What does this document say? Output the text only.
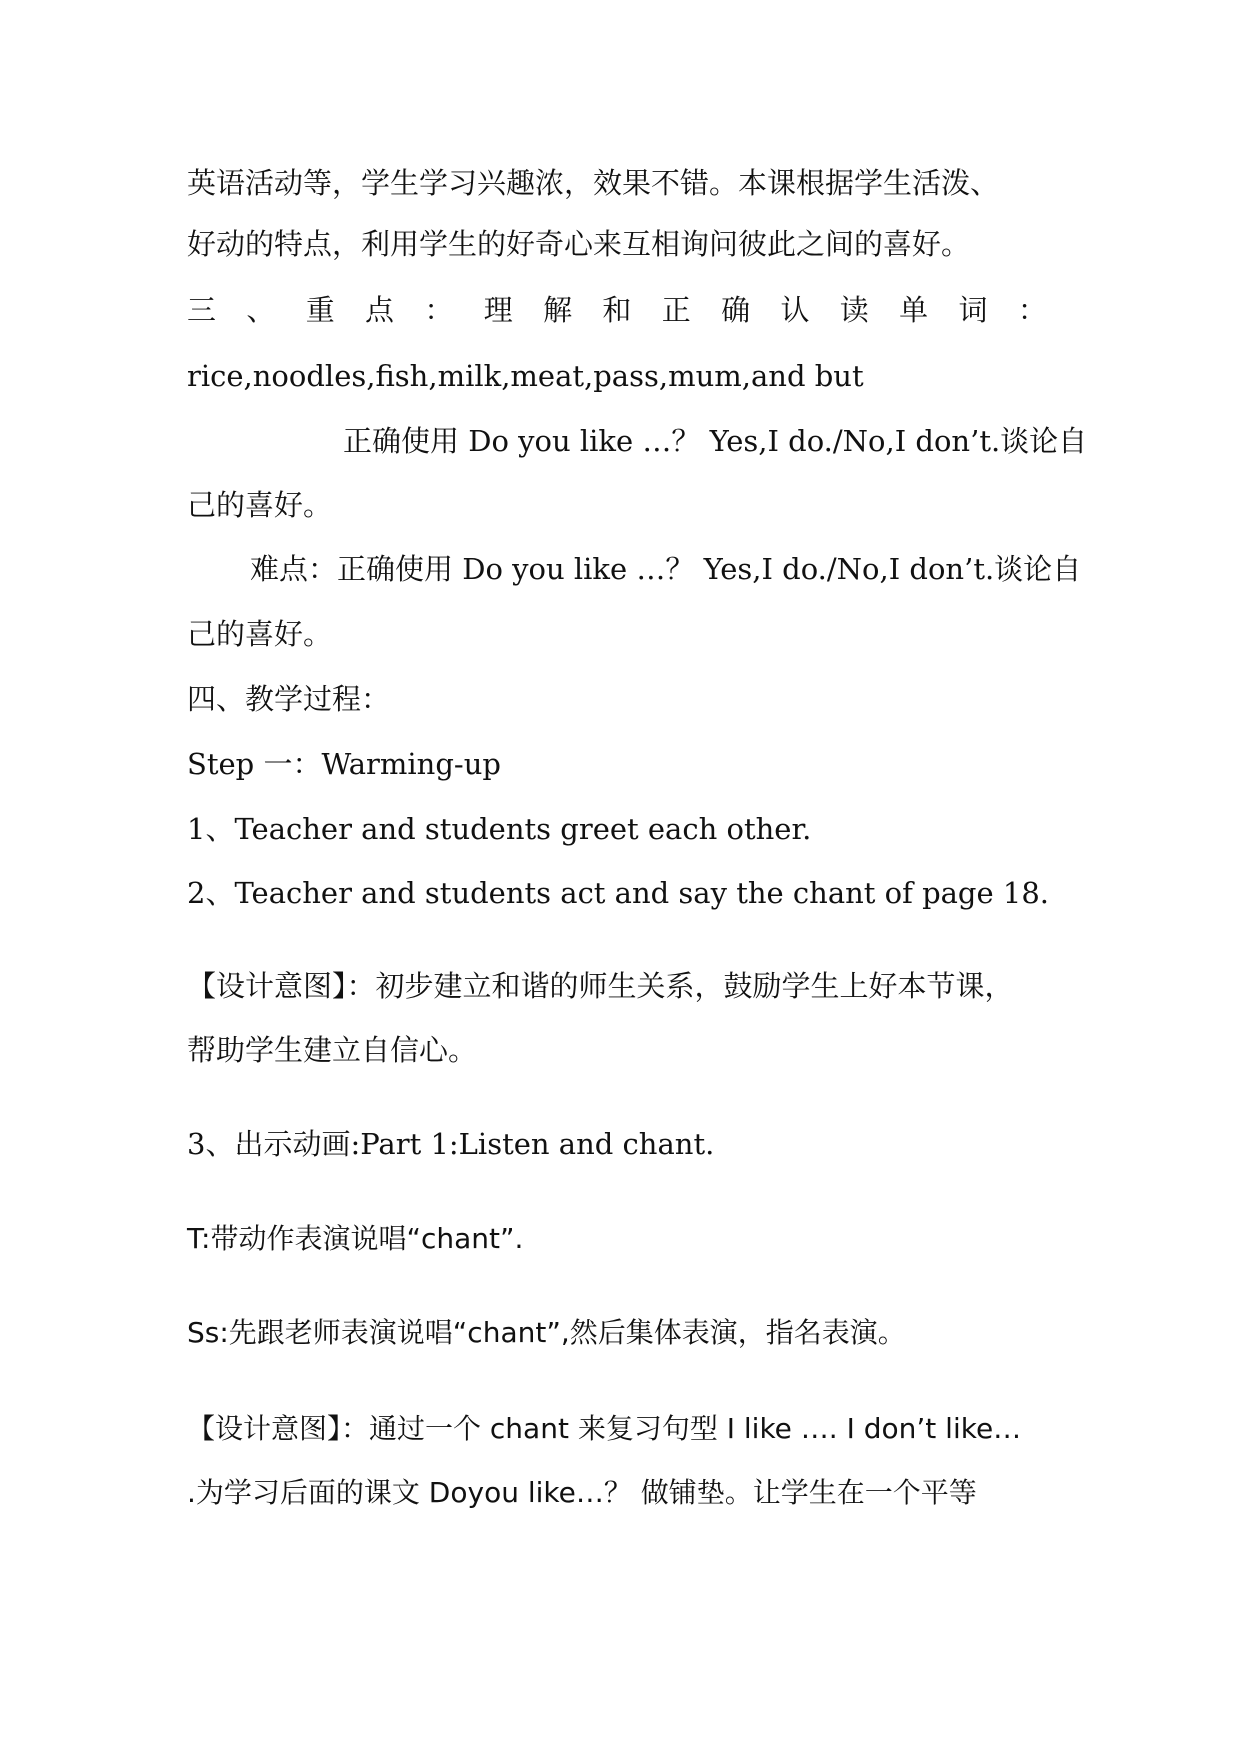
英语活动等，学生学习兴趣浓，效果不错。本课根据学生活泼、
好动的特点，利用学生的好奇心来互相询问彼此之间的喜好。
三 、 重 点 ： 理 解 和 正 确 认 读 单 词 ：
rice,noodles,fish,milk,meat,pass,mum,and but
正确使用 Do you like …？ Yes,I do./No,I don’t.谈论自
己的喜好。
难点：正确使用 Do you like …？ Yes,I do./No,I don’t.谈论自
己的喜好。
四、教学过程：
Step 一：Warming-up
1、Teacher and students greet each other.
2、Teacher and students act and say the chant of page 18.
【设计意图】：初步建立和谐的师生关系，鼓励学生上好本节课，
帮助学生建立自信心。
3、出示动画:Part 1:Listen and chant.
T:带动作表演说唱“chant”.
Ss:先跟老师表演说唱“chant”,然后集体表演，指名表演。
【设计意图】：通过一个 chant 来复习句型 I like …. I don’t like…
.为学习后面的课文 Doyou like…？ 做铺垫。让学生在一个平等
